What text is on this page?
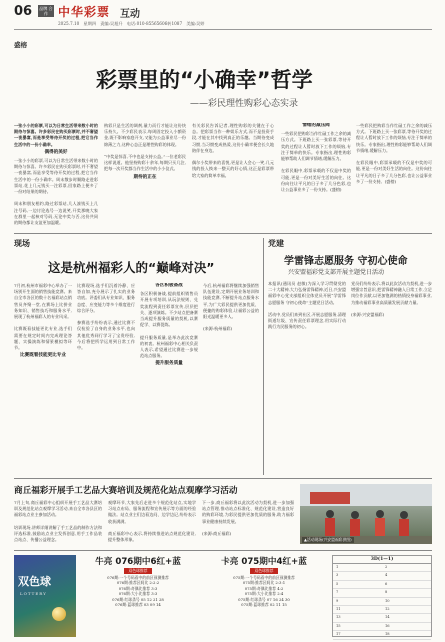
06	品牌 合作 中华彩票 互动
2025.7.10　星期四　责编:吴旭升　电话:010-85565606转1087　美编:吴婷
盛榕
彩票里的“小确幸”哲学
——彩民理性购彩心态实录
一张小小的彩票,可以为日常生活带来数小时的期待与惊喜。许多彩民在购买彩票时,并不奢望一夜暴富,而是享受等待开奖的过程,把它当作生活中的一份小确幸。
偶得的美好
一张小小的彩票,可以为日常生活带来数小时的期待与惊喜。许多彩民在购买彩票时,并不奢望一夜暴富,而是享受等待开奖的过程,把它当作生活中的一份小确幸。周末散步时顺路走进彩票站,花上几元钱买一注彩票,回家路上便多了一份对结果的期待。

周末和朋友相约,路过彩票站,几人凑钱买上几注号码,一边讨论选号一边说笑,开奖那晚大家在群里一起核对号码,无论中奖与否,这份共同的期待都让友谊更加温暖。
购彩只是生活的调剂,量力而行才能让这份快乐持久。不少彩民表示,每周固定投入小额资金,既不影响家庭开支,又能为公益事业尽一份绵薄之力,这种心态正是理性购彩的体现。

“中奖是惊喜,不中也是支持公益。”一位老彩民这样说道。他坚持购彩十余年,每期只买几注,把每一次开奖都当作生活中的小小仪式。
期待的正在
有关彩民告诉记者,理性购彩的关键在于心态。把彩票当作一种娱乐方式,而不是投资手段,才能在其中找到真正的乐趣。当期待变成习惯,当习惯变成热爱,这份小确幸便会长久地陪伴在身边。

偶尔小奖带来的喜悦,更是让人会心一笑,几元钱的投入换来一整天的好心情,这正是彩票带给大家的简单幸福。
情绪的减压阀
一些彩民把购彩当作忙碌工作之余的减压方式。下班路上买一张彩票,等待开奖的过程让人暂时放下工作的烦恼,专注于简单的快乐。专家指出,理性购彩能够帮助人们调节情绪,缓解压力。

在彩民眼中,彩票承载的不仅是中奖的可能,更是一份对美好生活的向往。这份向往让平凡的日子多了几分色彩,也让公益事业多了一份支持。(盛榕)
一些彩民把购彩当作忙碌工作之余的减压方式。下班路上买一张彩票,等待开奖的过程让人暂时放下工作的烦恼,专注于简单的快乐。专家指出,理性购彩能够帮助人们调节情绪,缓解压力。

在彩民眼中,彩票承载的不仅是中奖的可能,更是一份对美好生活的向往。这份向往让平凡的日子多了几分色彩,也让公益事业多了一份支持。(盛榕)
现场
这是杭州福彩人的“巅峰对决”
7月初,杭州市福彩中心举办了一场别开生面的销售技能竞赛。来自全市各区的数十名福彩站点销售员齐聚一堂,在赛场上比拼业务知识、销售技巧和服务水平,展现了杭州福彩人的专业风采。

比赛既看技能更比专业,选手们需要在规定时间内完成理论答题、实操演练和情景模拟等环节。
比赛既看技能更比专业
比赛现场,选手们沉着冷静、应答自如,充分展示了扎实的业务功底。评委们从专业知识、服务态度、应变能力等多个维度进行综合评分。

参赛选手纷纷表示,通过比赛不仅检验了自身的业务水平,也向其他优秀同行学习了宝贵经验,今后将把所学运用到日常工作中。
各区积极备战
各区积极备战,提前组织销售员开展专项培训,从玩法规则、兑奖流程到责任彩票宣传,层层把关、逐项演练。不少站点把备赛当成提升服务质量的契机,以赛促学、以赛促练。

提升服务质量,是举办此次竞赛的初衷。杭州福彩中心相关负责人表示,希望通过比赛进一步规范站点服务。
提升服务质量
今后,杭州福彩将继续加强销售队伍建设,定期开展业务培训和技能竞赛,不断提升站点服务水平,为广大彩民提供更加优质、便捷的购彩体验,让福彩公益的阳光温暖更多人。

(来源:杭州福彩)
党建
学雷锋志愿服务 守初心使命
兴安盟福彩党支部开展主题党日活动
本报讯(通讯员 赵敏)为深入学习贯彻党的二十大精神,大力弘扬雷锋精神,近日,兴安盟福彩中心党支部组织全体党员开展“学雷锋志愿服务 守初心使命”主题党日活动。

活动中,党员们来到社区,开展志愿服务,清理街道垃圾、宣传责任彩票理念,用实际行动践行为民服务的初心。
党员们纷纷表示,将以此次活动为契机,进一步增强宗旨意识,把雷锋精神融入日常工作,立足岗位作贡献,以更加饱满的热情投身福彩事业,为推动福彩事业高质量发展贡献力量。

(来源:兴安盟福彩)
商丘福彩开展手工艺品大赛培训及规范化站点观摩学习活动
7月上旬,商丘福彩中心组织开展手工艺品大赛培训及规范化站点观摩学习活动,来自全市各县区的福彩站点业主参加活动。

培训现场,讲师详细讲解了手工艺品的制作方法和评选标准,鼓励站点业主发挥创意,用手工作品装点站点、传播公益理念。
观摩环节,大家先后走进多个规范化站点,实地学习站点布局、服务流程和宣传展示等方面的经验做法。站点业主们边看边问、边学边记,纷纷表示收获满满。

商丘福彩中心表示,将持续推进站点规范化建设,提升整体形象。
下一步,商丘福彩将以此次活动为契机,进一步加强站点管理,推动站点标准化、规范化建设,营造良好的购彩环境,为彩民提供更加优质的服务,助力福彩事业健康持续发展。

(来源:商丘福彩)
▲活动现场(兴安盟福彩供图)
双色球
LOTTERY
牛亮 076期中6红+蓝
双色球推荐
076期:一个号码看中的前区预测推荐
076期:推荐区间比 2:2:2
076期:奇偶比推荐 3:3
076期:大小比推荐 3:3
076期:红球杀号 05 12 21 28
076期:蓝球推荐 03 09 14
卡亮 075期中4红+蓝
双色球推荐
075期:一个号码看中的前区预测推荐
075期:推荐区间比 2:3:1
075期:奇偶比推荐 4:2
075期:大小比推荐 2:4
075期:红球杀号 07 16 24 30
075期:蓝球推荐 02 11 15
3D(1—1)
1	2
3	4
5	6
7	8
9	10
11	12
13	14
15	16
17	18
